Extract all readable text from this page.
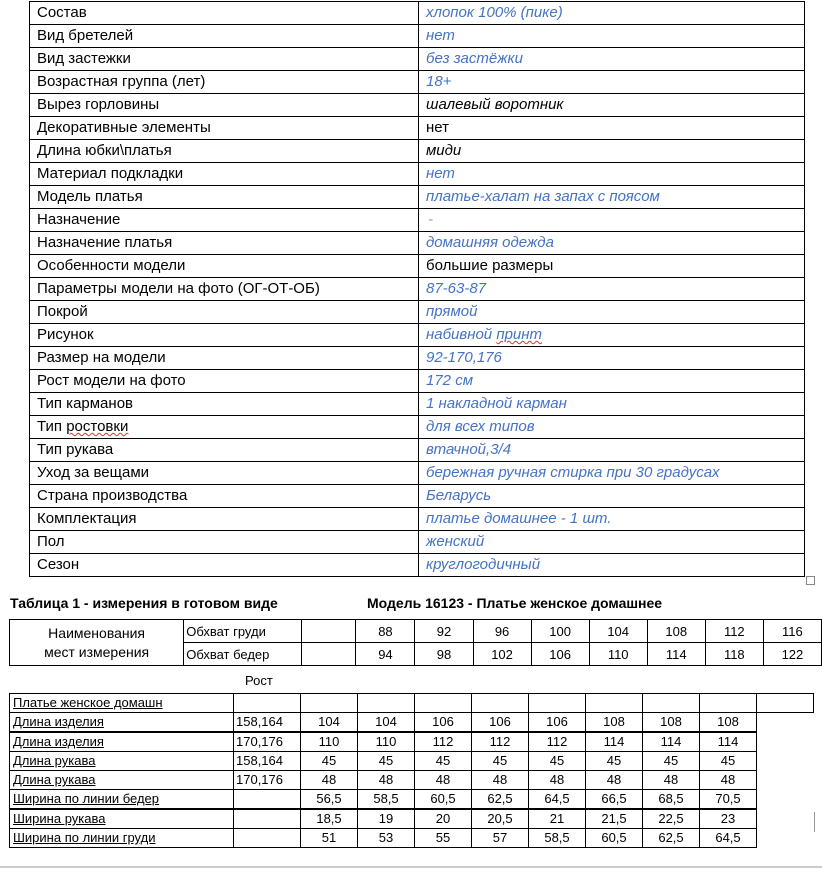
Состав	хлопок 100% (пике)
Вид бретелей	нет
Вид застежки	без застёжки
Возрастная группа (лет)	18+
Вырез горловины	шалевый воротник
Декоративные элементы	нет
Длина юбки\платья	миди
Материал подкладки	нет
Модель платья	платье-халат на запах с поясом
Назначение	-
Назначение платья	домашняя одежда
Особенности модели	большие размеры
Параметры модели на фото (ОГ-ОТ-ОБ)	87-63-87
Покрой	прямой
Рисунок	набивной принт
Размер на модели	92-170,176
Рост модели на фото	172 см
Тип карманов	1 накладной карман
Тип ростовки	для всех типов
Тип рукава	втачной,3/4
Уход за вещами	бережная ручная стирка при 30 градусах
Страна производства	Беларусь
Комплектация	платье домашнее - 1 шт.
Пол	женский
Сезон	круглогодичный
Таблица 1 - измерения в готовом виде	Модель 16123 - Платье женское домашнее
Наименования
мест измерения	Обхват груди		88	92	96	100	104	108	112	116
	Обхват бедер		94	98	102	106	110	114	118	122
Рост
Платье женское домашн										
Длина изделия	158,164	104	104	106	106	106	108	108	108	
Длина изделия	170,176	110	110	112	112	112	114	114	114	
Длина рукава	158,164	45	45	45	45	45	45	45	45	
Длина рукава	170,176	48	48	48	48	48	48	48	48	
Ширина по линии бедер		56,5	58,5	60,5	62,5	64,5	66,5	68,5	70,5	
Ширина рукава		18,5	19	20	20,5	21	21,5	22,5	23	
Ширина по линии груди		51	53	55	57	58,5	60,5	62,5	64,5	
